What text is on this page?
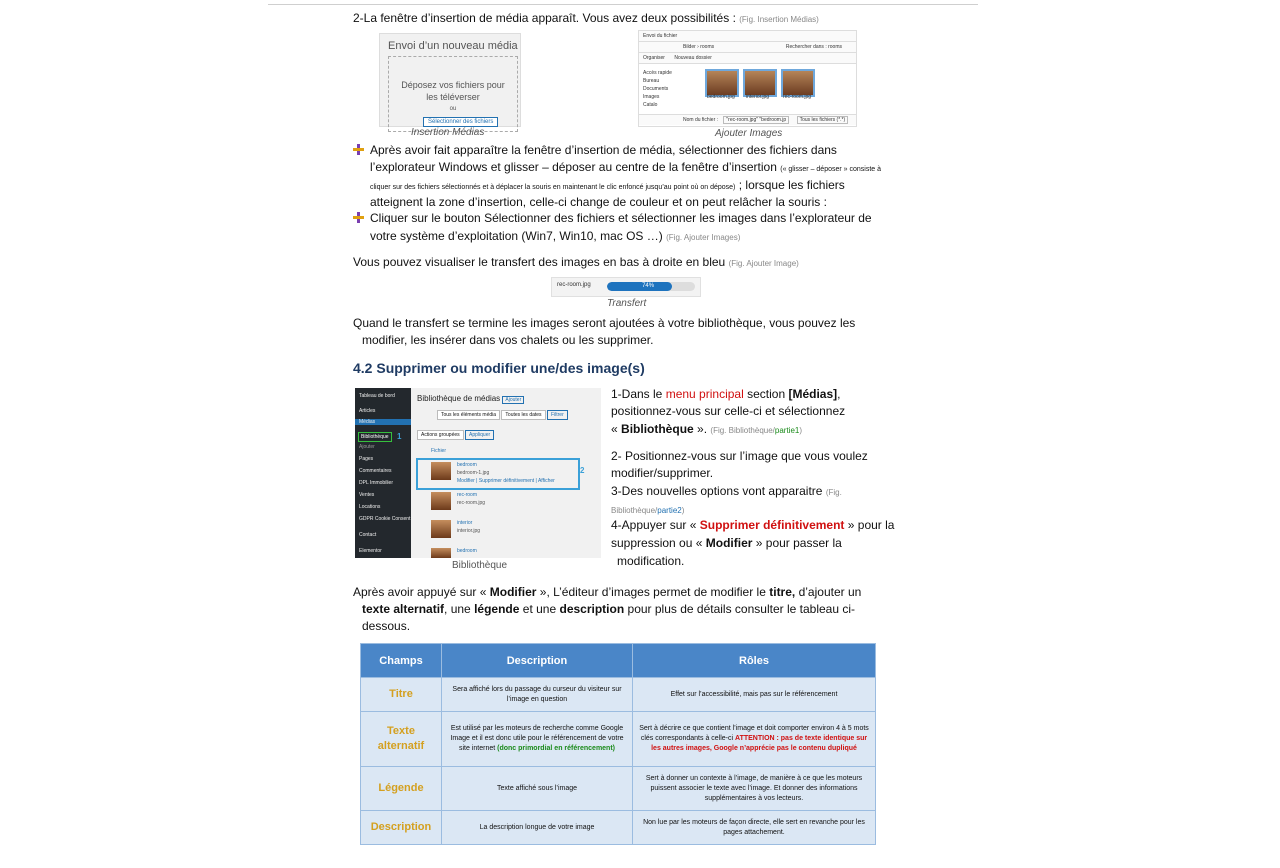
2-La fenêtre d’insertion de média apparaît. Vous avez deux possibilités : (Fig. Insertion Médias)
Envoi d’un nouveau média
Déposez vos fichiers pour
les téléverser
ou
Sélectionner des fichiers
Insertion Médias
Envoi du fichier
Bilder › rooms	Rechercher dans : rooms
Organiser Nouveau dossier
Accès rapide
Bureau
Documents
Images
Catalo
bedroom.jpg interior.jpg	rec-room.jpg
Nom du fichier : "rec-room.jpg" "bedroom.jp	Tous les fichiers (*.*)
Ajouter Images
Après avoir fait apparaître la fenêtre d’insertion de média, sélectionner des fichiers dans
l’explorateur Windows et glisser – déposer au centre de la fenêtre d’insertion (« glisser – déposer » consiste à
cliquer sur des fichiers sélectionnés et à déplacer la souris en maintenant le clic enfoncé jusqu’au point où on dépose) ; lorsque les fichiers
atteignent la zone d’insertion, celle-ci change de couleur et on peut relâcher la souris :
Cliquer sur le bouton Sélectionner des fichiers et sélectionner les images dans l’explorateur de
votre système d’exploitation (Win7, Win10, mac OS …) (Fig. Ajouter Images)
Vous pouvez visualiser le transfert des images en bas à droite en bleu (Fig. Ajouter Image)
rec-room.jpg	74%
Transfert
Quand le transfert se termine les images seront ajoutées à votre bibliothèque, vous pouvez les
modifier, les insérer dans vos chalets ou les supprimer.
4.2 Supprimer ou modifier une/des image(s)
Tableau de bord
Articles
Médias
Bibliothèque
Ajouter
Pages
Commentaires
DPL Immobilier
Ventes
Locations
GDPR Cookie Consent
Contact
Elementor
1
Bibliothèque de médias Ajouter
Tous les éléments média Toutes les dates Filtrer
Actions groupées Appliquer
Fichier
bedroom
bedroom-1.jpg
Modifier | Supprimer définitivement | Afficher
rec-room
rec-room.jpg
interior
interior.jpg
bedroom
2
Bibliothèque
1-Dans le menu principal section [Médias],
positionnez-vous sur celle-ci et sélectionnez
« Bibliothèque ». (Fig. Bibliothèque/partie1)
2- Positionnez-vous sur l’image que vous voulez
modifier/supprimer.
3-Des nouvelles options vont apparaitre (Fig.
Bibliothèque/partie2)
4-Appuyer sur « Supprimer définitivement » pour la
suppression ou « Modifier » pour passer la
modification.
Après avoir appuyé sur « Modifier », L’éditeur d’images permet de modifier le titre, d’ajouter un
texte alternatif, une légende et une description pour plus de détails consulter le tableau ci-
dessous.
Champs	Description	Rôles
Titre	Sera affiché lors du passage du curseur du visiteur sur l’image en question	Effet sur l’accessibilité, mais pas sur le référencement
Texte alternatif	Est utilisé par les moteurs de recherche comme Google Image et il est donc utile pour le référencement de votre site internet (donc primordial en référencement)	Sert à décrire ce que contient l’image et doit comporter environ 4 à 5 mots clés correspondants à celle-ci ATTENTION : pas de texte identique sur les autres images, Google n’apprécie pas le contenu dupliqué
Légende	Texte affiché sous l’image	Sert à donner un contexte à l’image, de manière à ce que les moteurs puissent associer le texte avec l’image. Et donner des informations supplémentaires à vos lecteurs.
Description	La description longue de votre image	Non lue par les moteurs de façon directe, elle sert en revanche pour les pages attachement.
